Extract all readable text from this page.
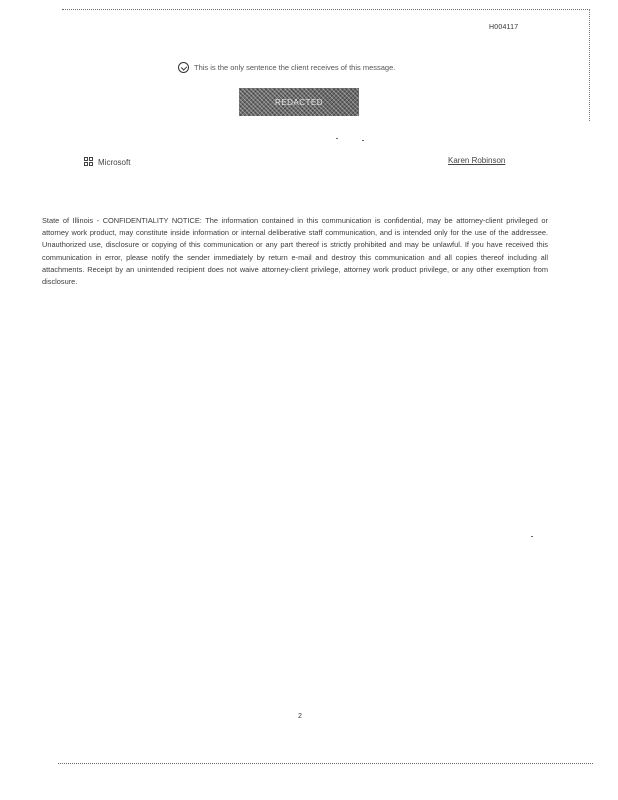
H004117
This is the only sentence the client receives of this message.
REDACTED
Microsoft	Karen Robinson
State of Illinois - CONFIDENTIALITY NOTICE: The information contained in this communication is confidential, may be attorney-client privileged or attorney work product, may constitute inside information or internal deliberative staff communication, and is intended only for the use of the addressee. Unauthorized use, disclosure or copying of this communication or any part thereof is strictly prohibited and may be unlawful. If you have received this communication in error, please notify the sender immediately by return e-mail and destroy this communication and all copies thereof including all attachments. Receipt by an unintended recipient does not waive attorney-client privilege, attorney work product privilege, or any other exemption from disclosure.
2
